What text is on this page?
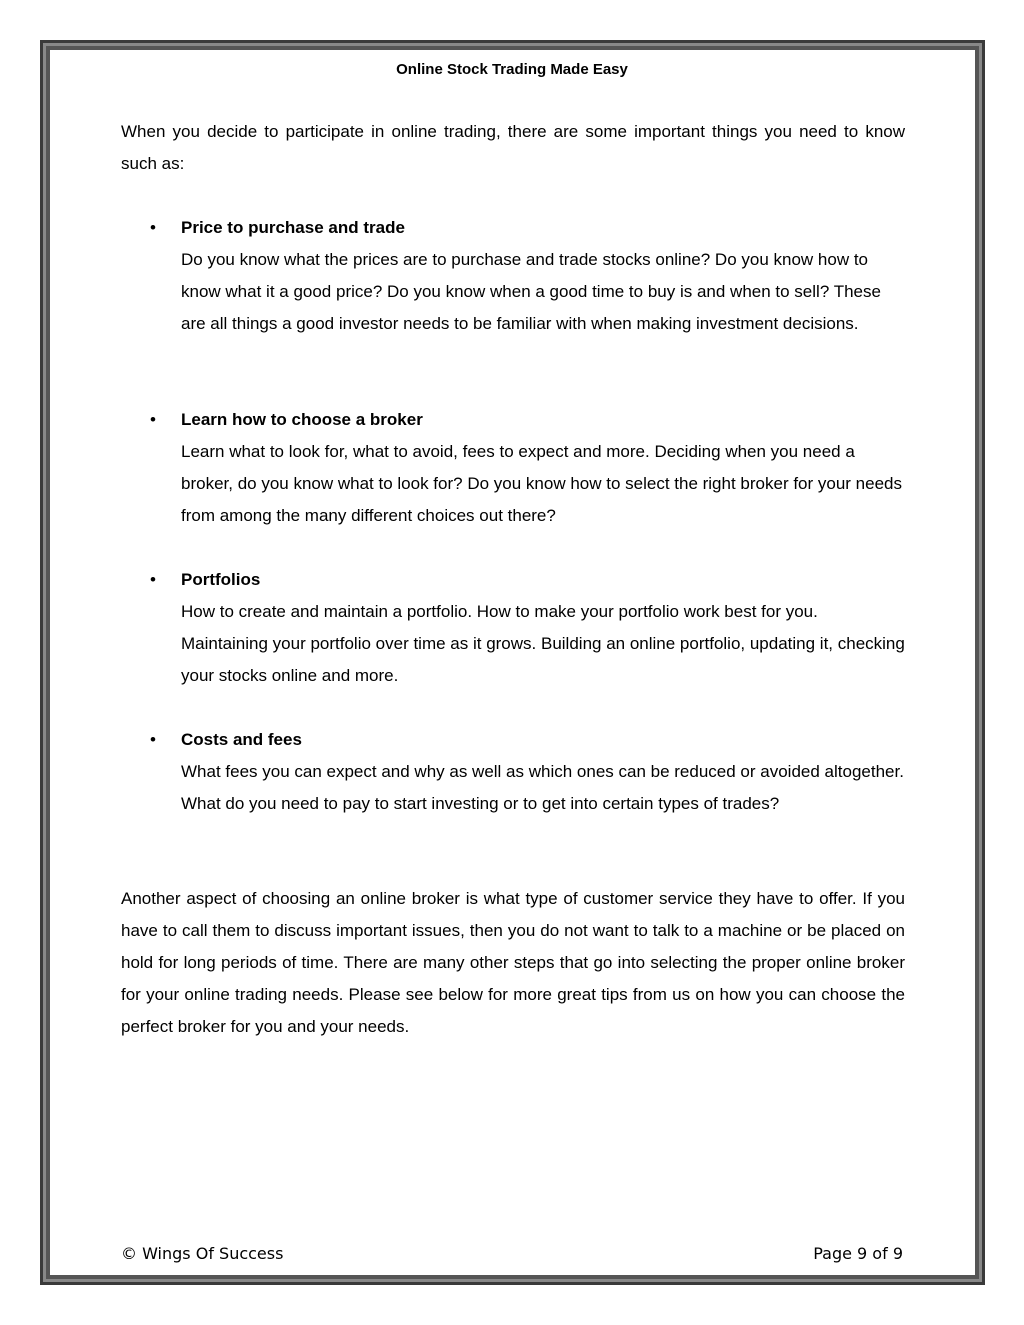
Online Stock Trading Made Easy

When you decide to participate in online trading, there are some important things you need to know such as:

• Price to purchase and trade

Do you know what the prices are to purchase and trade stocks online? Do you know how to know what it a good price? Do you know when a good time to buy is and when to sell? These are all things a good investor needs to be familiar with when making investment decisions.

• Learn how to choose a broker

Learn what to look for, what to avoid, fees to expect and more. Deciding when you need a broker, do you know what to look for? Do you know how to select the right broker for your needs from among the many different choices out there?

• Portfolios

How to create and maintain a portfolio. How to make your portfolio work best for you. Maintaining your portfolio over time as it grows. Building an online portfolio, updating it, checking your stocks online and more.

• Costs and fees

What fees you can expect and why as well as which ones can be reduced or avoided altogether. What do you need to pay to start investing or to get into certain types of trades?

Another aspect of choosing an online broker is what type of customer service they have to offer. If you have to call them to discuss important issues, then you do not want to talk to a machine or be placed on hold for long periods of time. There are many other steps that go into selecting the proper online broker for your online trading needs. Please see below for more great tips from us on how you can choose the perfect broker for you and your needs.

© Wings Of Success	Page 9 of 9
